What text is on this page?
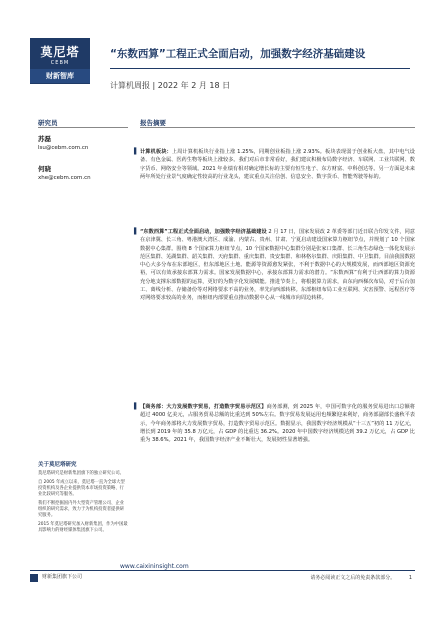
莫尼塔
CEBM
财新智库
“东数西算”工程正式全面启动，加强数字经济基础建设
计算机周报 | 2022 年 2 月 18 日
研究员	报告摘要
苏磊
lsu@cebm.com.cn
何晓
xhe@cebm.com.cn
▌ 计算机板块：上周计算机板块行业指上涨 1.25%，同期创业板指上涨 2.93%。板块表现弱于创业板大盘，其中电气设备、有色金属、医药生物等板块上涨较多。我们对后市非常看好，我们建议积极布局数字经济、车联网、工业共联网、数字货币、网络安全等领域。2021 年业绩有相对确定增长标的主要有恒生电子、东方财富、中科创达等。另一方面是未来两年所处行业景气度确定性较高的行业龙头，建议重点关注信创、信息安全、数字货币、智能驾驶等标的。
▌ “东数西算”工程正式全面启动，加强数字经济基础建设 2 月 17 日，国家发展改 2 革委等部门近日联合印发文件，同意在京津冀、长三角、粤港澳大湾区、成渝、内蒙古、贵州、甘肃、宁夏启动建设国家算力枢纽节点，并规划了 10 个国家数据中心集群。围绕 8 个国家算力枢纽节点，10 个国家数据中心集群分别是张家口集群、长三角生态绿色一体化发展示范区集群、芜湖集群、韶关集群、天府集群、重庆集群、贵安集群、和林格尔集群、庆阳集群、中卫集群。目前我国数据中心大多分布在东部地区，但东部地区土地、能源等资源愈发紧张，不利于数据中心的大规模发展，而西部地区资源充裕，可以有效承接东部算力需求。国家发展数据中心，承接东部算力需求的潜力。“东数西算”有利于让西部的算力资源充分地支撑东部数据的运算，更好的为数字化发展赋能。推进节奏上，将根据算力需求，由东向西梯次布局，对于后台加工、离线分析、存储备份等对网络要求不高的业务，率先向西部转移。东部枢纽布局工业互联网、灾害预警、远程医疗等对网络要求较高的业务，而枢纽内部要重点推动数据中心从一线城市向周边转移。
▌ 【商务部：大力发展数字贸易，打造数字贸易示范区】商务部测，到 2025 年，中国可数字化的服务贸易进出口总额将超过 4000 亿美元，占服务贸易总额的比重达到 50%左右。数字贸易发展运用也频繁迎来利好，商务部副部长盛秋平表示，今年商务部将大力发展数字贸易，打造数字贸易示范区。数据显示，我国数字经济规模从“十三五”初的 11 万亿元，增长到 2019 年的 35.8 万亿元，占 GDP 的比重达 36.2%。2020 年中国数字经济规模达到 39.2 万亿元，占 GDP 比重为 38.6%。2021 年，我国数字经济产业不断壮大，发展韧性显著增强。
关于莫尼塔研究

莫尼塔研究是财新集团旗下的独立研究公司。

自 2005 年成立以来，莫尼塔一直为全球大型投资机构及各企业提供资本市场投资策略、行业比较研究等服务。

我们不断挖掘国内外大型资产管理公司、企业组织的研究需求，致力于为机构投资者提供研究服务。

2015 年莫尼塔研究加入财新集团，作为中国最具影响力的财经媒体集团旗下公司。

www.caixininsight.com
财新集团旗下公司	请务必阅读正文之后的免责条款部分。	1
